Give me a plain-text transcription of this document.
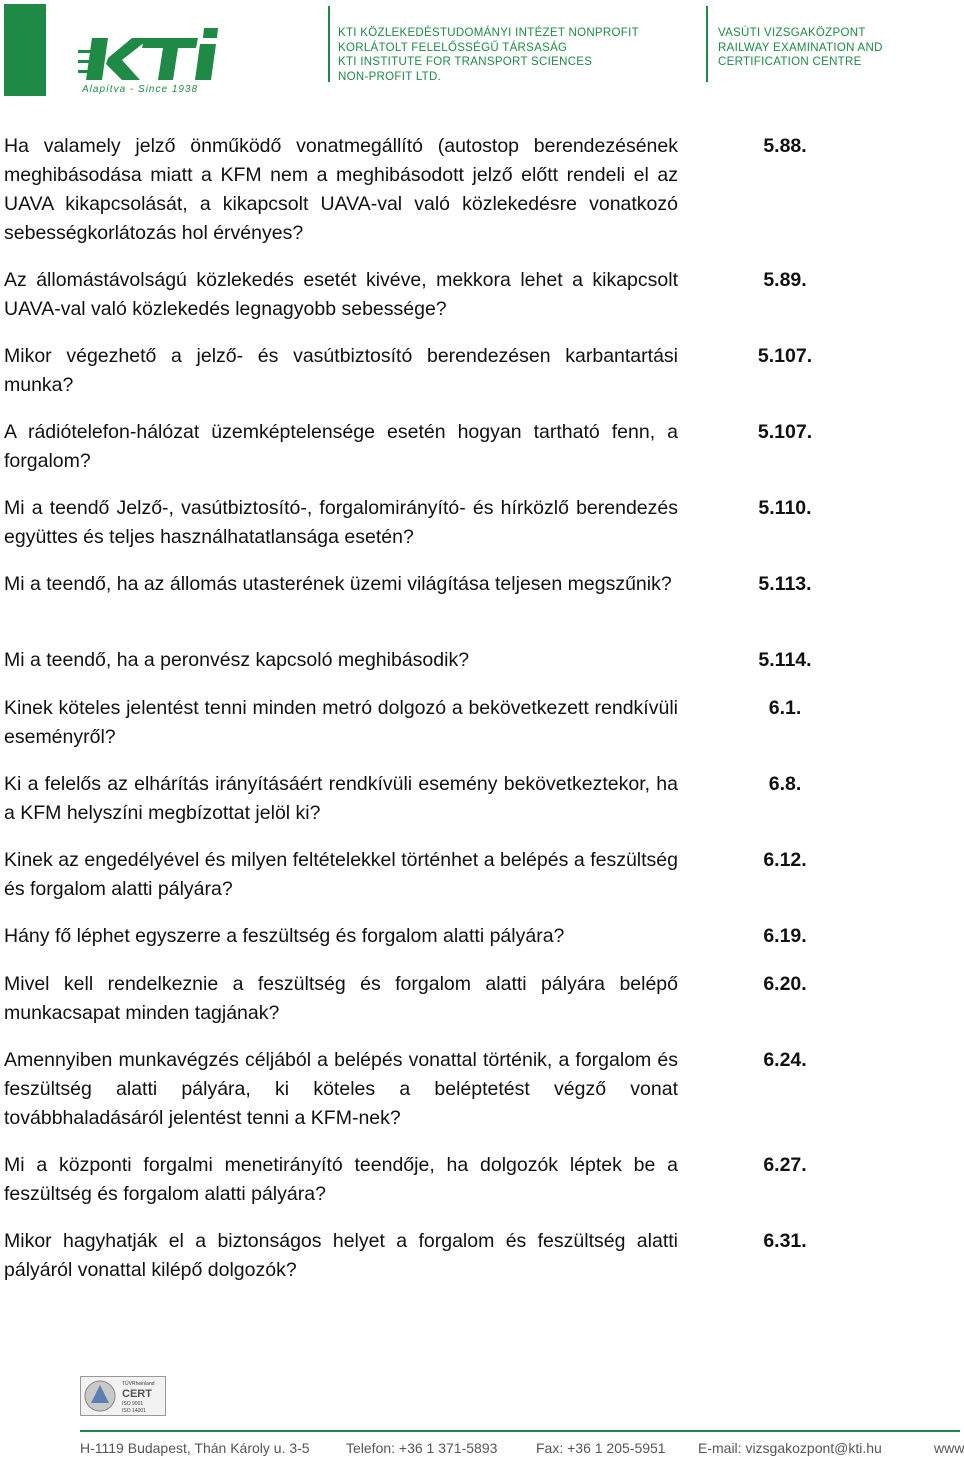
Alapítva - Since 1938
KTI KÖZLEKEDÉSTUDOMÁNYI INTÉZET NONPROFIT
KORLÁTOLT FELELŐSSÉGŰ TÁRSASÁG
KTI INSTITUTE FOR TRANSPORT SCIENCES
NON-PROFIT LTD.
VASÚTI VIZSGAKÖZPONT
RAILWAY EXAMINATION AND
CERTIFICATION CENTRE
Ha valamely jelző önműködő vonatmegállító (autostop berendezésének meghibásodása miatt a KFM nem a meghibásodott jelző előtt rendeli el az UAVA kikapcsolását, a kikapcsolt UAVA-val való közlekedésre vonatkozó sebességkorlátozás hol érvényes?
5.88.
Az állomástávolságú közlekedés esetét kivéve, mekkora lehet a kikapcsolt UAVA-val való közlekedés legnagyobb sebessége?
5.89.
Mikor végezhető a jelző- és vasútbiztosító berendezésen karbantartási munka?
5.107.
A rádiótelefon-hálózat üzemképtelensége esetén hogyan tartható fenn, a forgalom?
5.107.
Mi a teendő Jelző-, vasútbiztosító-, forgalomirányító- és hírközlő berendezés együttes és teljes használhatatlansága esetén?
5.110.
Mi a teendő, ha az állomás utasterének üzemi világítása teljesen megszűnik?	5.113.
Mi a teendő, ha a peronvész kapcsoló meghibásodik?	5.114.
Kinek köteles jelentést tenni minden metró dolgozó a bekövetkezett rendkívüli eseményről?
6.1.
Ki a felelős az elhárítás irányításáért rendkívüli esemény bekövetkeztekor, ha a KFM helyszíni megbízottat jelöl ki?
6.8.
Kinek az engedélyével és milyen feltételekkel történhet a belépés a feszültség és forgalom alatti pályára?
6.12.
Hány fő léphet egyszerre a feszültség és forgalom alatti pályára?	6.19.
Mivel kell rendelkeznie a feszültség és forgalom alatti pályára belépő munkacsapat minden tagjának?
6.20.
Amennyiben munkavégzés céljából a belépés vonattal történik, a forgalom és feszültség alatti pályára, ki köteles a beléptetést végző vonat továbbhaladásáról jelentést tenni a KFM-nek?
6.24.
Mi a központi forgalmi menetirányító teendője, ha dolgozók léptek be a feszültség és forgalom alatti pályára?
6.27.
Mikor hagyhatják el a biztonságos helyet a forgalom és feszültség alatti pályáról vonattal kilépő dolgozók?
6.31.
TÜVRheinland
CERT
ISO 9001
ISO 14001
H-1119 Budapest, Thán Károly u. 3-5	Telefon: +36 1 371-5893	Fax: +36 1 205-5951 E-mail: vizsgakozpont@kti.hu	www
